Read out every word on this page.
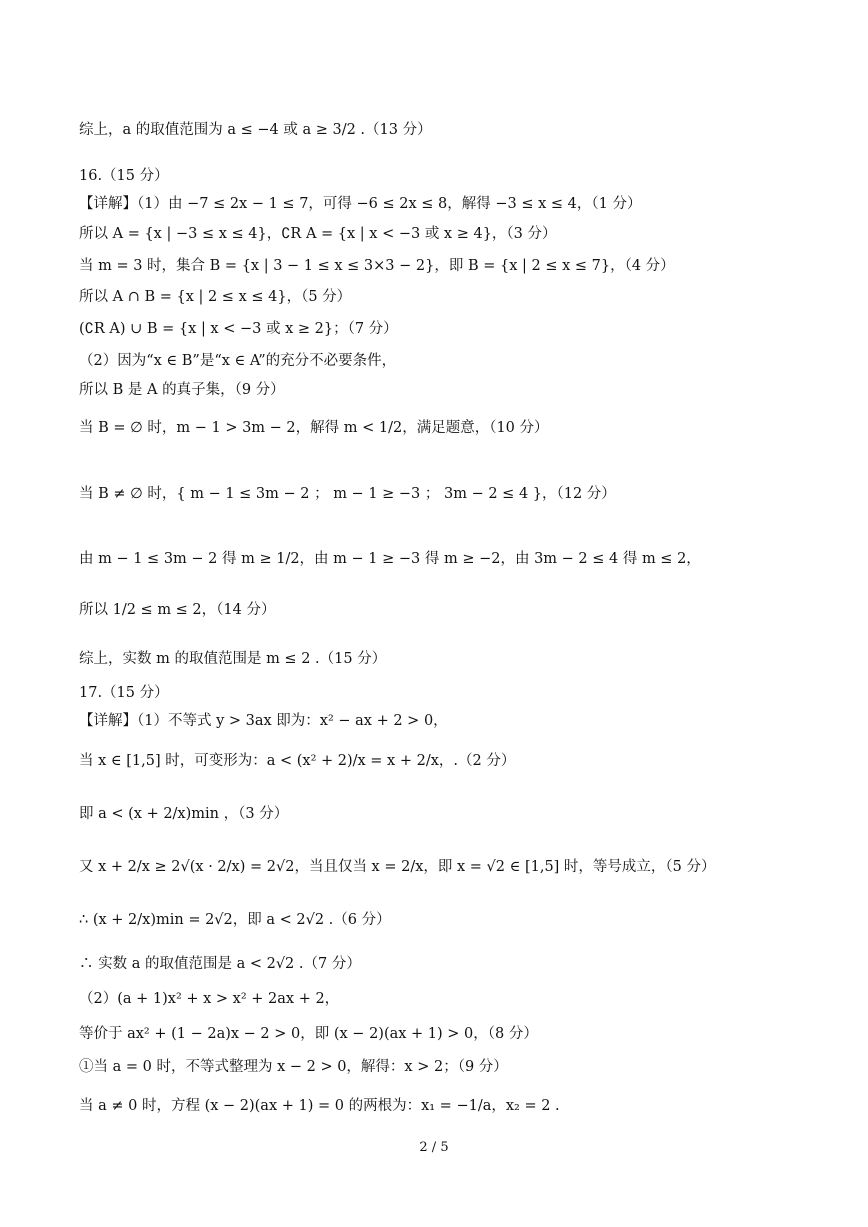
综上，a 的取值范围为 a ≤ −4 或 a ≥ 3/2 .（13 分）
16.（15 分）
【详解】（1）由 −7 ≤ 2x − 1 ≤ 7，可得 −6 ≤ 2x ≤ 8，解得 −3 ≤ x ≤ 4，（1 分）
所以 A = {x | −3 ≤ x ≤ 4}，∁R A = {x | x < −3 或 x ≥ 4}，（3 分）
当 m = 3 时，集合 B = {x | 3 − 1 ≤ x ≤ 3×3 − 2}，即 B = {x | 2 ≤ x ≤ 7}，（4 分）
所以 A ∩ B = {x | 2 ≤ x ≤ 4}，（5 分）
(∁R A) ∪ B = {x | x < −3 或 x ≥ 2}；（7 分）
（2）因为“x ∈ B”是“x ∈ A”的充分不必要条件，
所以 B 是 A 的真子集，（9 分）
当 B = ∅ 时，m − 1 > 3m − 2，解得 m < 1/2，满足题意，（10 分）
当 B ≠ ∅ 时，{ m − 1 ≤ 3m − 2 ； m − 1 ≥ −3 ； 3m − 2 ≤ 4 }，（12 分）
由 m − 1 ≤ 3m − 2 得 m ≥ 1/2，由 m − 1 ≥ −3 得 m ≥ −2，由 3m − 2 ≤ 4 得 m ≤ 2，
所以 1/2 ≤ m ≤ 2，（14 分）
综上，实数 m 的取值范围是 m ≤ 2 .（15 分）
17.（15 分）
【详解】（1）不等式 y > 3ax 即为：x² − ax + 2 > 0，
当 x ∈ [1,5] 时，可变形为：a < (x² + 2)/x = x + 2/x，.（2 分）
即 a < (x + 2/x)min ，（3 分）
又 x + 2/x ≥ 2√(x · 2/x) = 2√2，当且仅当 x = 2/x，即 x = √2 ∈ [1,5] 时，等号成立，（5 分）
∴ (x + 2/x)min = 2√2，即 a < 2√2 .（6 分）
∴ 实数 a 的取值范围是 a < 2√2 .（7 分）
（2）(a + 1)x² + x > x² + 2ax + 2，
等价于 ax² + (1 − 2a)x − 2 > 0，即 (x − 2)(ax + 1) > 0，（8 分）
①当 a = 0 时，不等式整理为 x − 2 > 0，解得：x > 2；（9 分）
当 a ≠ 0 时，方程 (x − 2)(ax + 1) = 0 的两根为：x₁ = −1/a，x₂ = 2 .
2 / 5
